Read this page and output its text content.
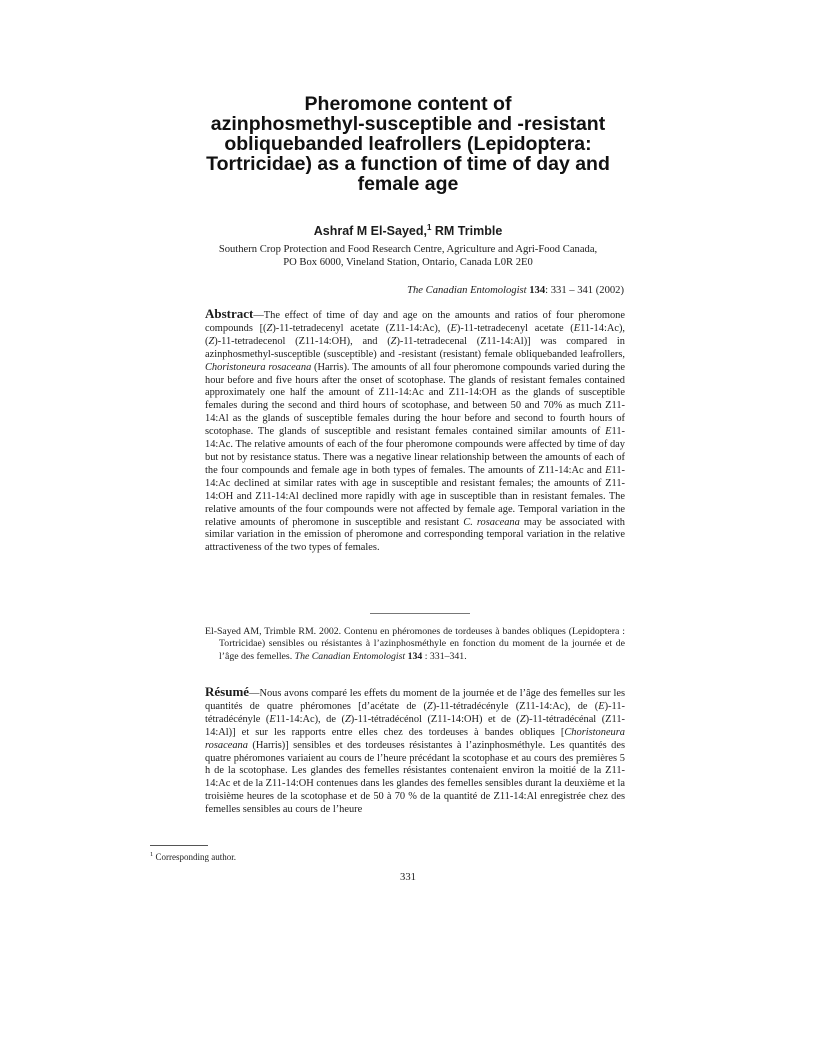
Pheromone content of
azinphosmethyl-susceptible and -resistant
obliquebanded leafrollers (Lepidoptera:
Tortricidae) as a function of time of day and
female age
Ashraf M El-Sayed,$^1$ RM Trimble
Southern Crop Protection and Food Research Centre, Agriculture and Agri-Food Canada,
PO Box 6000, Vineland Station, Ontario, Canada L0R 2E0
The Canadian Entomologist 134: 331 – 341 (2002)
Abstract—The effect of time of day and age on the amounts and ratios of four pheromone compounds [(Z)-11-tetradecenyl acetate (Z11-14:Ac), (E)-11-tetradecenyl acetate (E11-14:Ac), (Z)-11-tetradecenol (Z11-14:OH), and (Z)-11-tetradecenal (Z11-14:Al)] was compared in azinphosmethyl-susceptible (susceptible) and -resistant (resistant) female obliquebanded leafrollers, Choristoneura rosaceana (Harris). The amounts of all four pheromone compounds varied during the hour before and five hours after the onset of scotophase. The glands of resistant females contained approximately one half the amount of Z11-14:Ac and Z11-14:OH as the glands of susceptible females during the second and third hours of scotophase, and between 50 and 70% as much Z11-14:Al as the glands of susceptible females during the hour before and second to fourth hours of scotophase. The glands of susceptible and resistant females contained similar amounts of E11-14:Ac. The relative amounts of each of the four pheromone compounds were affected by time of day but not by resistance status. There was a negative linear relationship between the amounts of each of the four compounds and female age in both types of females. The amounts of Z11-14:Ac and E11-14:Ac declined at similar rates with age in susceptible and resistant females; the amounts of Z11-14:OH and Z11-14:Al declined more rapidly with age in susceptible than in resistant females. The relative amounts of the four compounds were not affected by female age. Temporal variation in the relative amounts of pheromone in susceptible and resistant C. rosaceana may be associated with similar variation in the emission of pheromone and corresponding temporal variation in the relative attractiveness of the two types of females.
El-Sayed AM, Trimble RM. 2002. Contenu en phéromones de tordeuses à bandes obliques (Lepidoptera : Tortricidae) sensibles ou résistantes à l’azinphosméthyle en fonction du moment de la journée et de l’âge des femelles. The Canadian Entomologist 134 : 331–341.
Résumé—Nous avons comparé les effets du moment de la journée et de l’âge des femelles sur les quantités de quatre phéromones [d’acétate de (Z)-11-tétradécényle (Z11-14:Ac), de (E)-11-tétradécényle (E11-14:Ac), de (Z)-11-tétradécénol (Z11-14:OH) et de (Z)-11-tétradécénal (Z11-14:Al)] et sur les rapports entre elles chez des tordeuses à bandes obliques [Choristoneura rosaceana (Harris)] sensibles et des tordeuses résistantes à l’azinphosméthyle. Les quantités des quatre phéromones variaient au cours de l’heure précédant la scotophase et au cours des premières 5 h de la scotophase. Les glandes des femelles résistantes contenaient environ la moitié de la Z11-14:Ac et de la Z11-14:OH contenues dans les glandes des femelles sensibles durant la deuxième et la troisième heures de la scotophase et de 50 à 70 % de la quantité de Z11-14:Al enregistrée chez des femelles sensibles au cours de l’heure
$^1$ Corresponding author.
331
